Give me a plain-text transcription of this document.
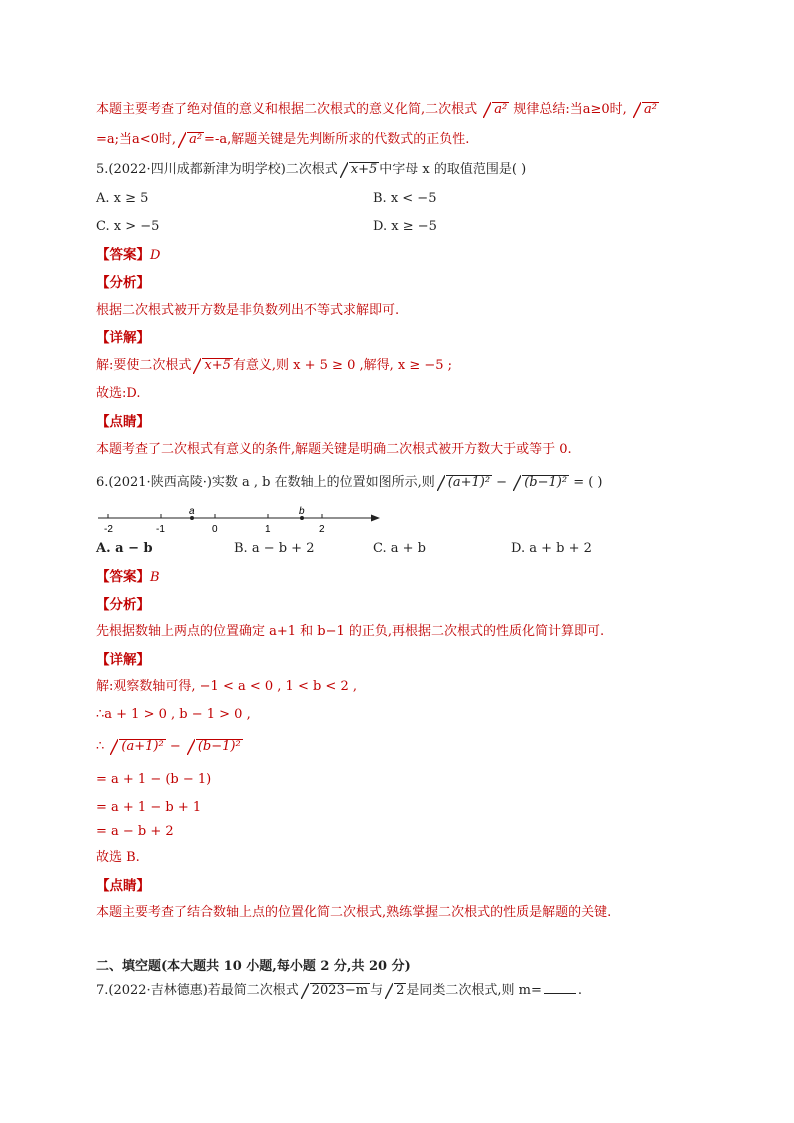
本题主要考查了绝对值的意义和根据二次根式的意义化简,二次根式 a² 规律总结:当a≥0时, a²
=a;当a<0时, a² =-a,解题关键是先判断所求的代数式的正负性.
5.(2022·四川成都新津为明学校)二次根式 x+5 中字母 x 的取值范围是( )
A. x ≥ 5	B. x < −5
C. x > −5	D. x ≥ −5
【答案】D
【分析】
根据二次根式被开方数是非负数列出不等式求解即可.
【详解】
解:要使二次根式 x+5 有意义,则 x + 5 ≥ 0 ,解得, x ≥ −5 ;
故选:D.
【点睛】
本题考查了二次根式有意义的条件,解题关键是明确二次根式被开方数大于或等于 0.
6.(2021·陕西高陵·)实数 a , b 在数轴上的位置如图所示,则 (a+1)² − (b−1)² = ( )
-2	-1	0	1	2
a	b
A. a − b	B. a − b + 2	C. a + b	D. a + b + 2
【答案】B
【分析】
先根据数轴上两点的位置确定 a+1 和 b−1 的正负,再根据二次根式的性质化简计算即可.
【详解】
解:观察数轴可得, −1 < a < 0 , 1 < b < 2 ,
∴a + 1 > 0 , b − 1 > 0 ,
∴ (a+1)² − (b−1)²
= a + 1 − (b − 1)
= a + 1 − b + 1
= a − b + 2
故选 B.
【点睛】
本题主要考查了结合数轴上点的位置化简二次根式,熟练掌握二次根式的性质是解题的关键.
二、填空题(本大题共 10 小题,每小题 2 分,共 20 分)
7.(2022·吉林德惠)若最简二次根式 2023−m 与 2 是同类二次根式,则 m=	.
